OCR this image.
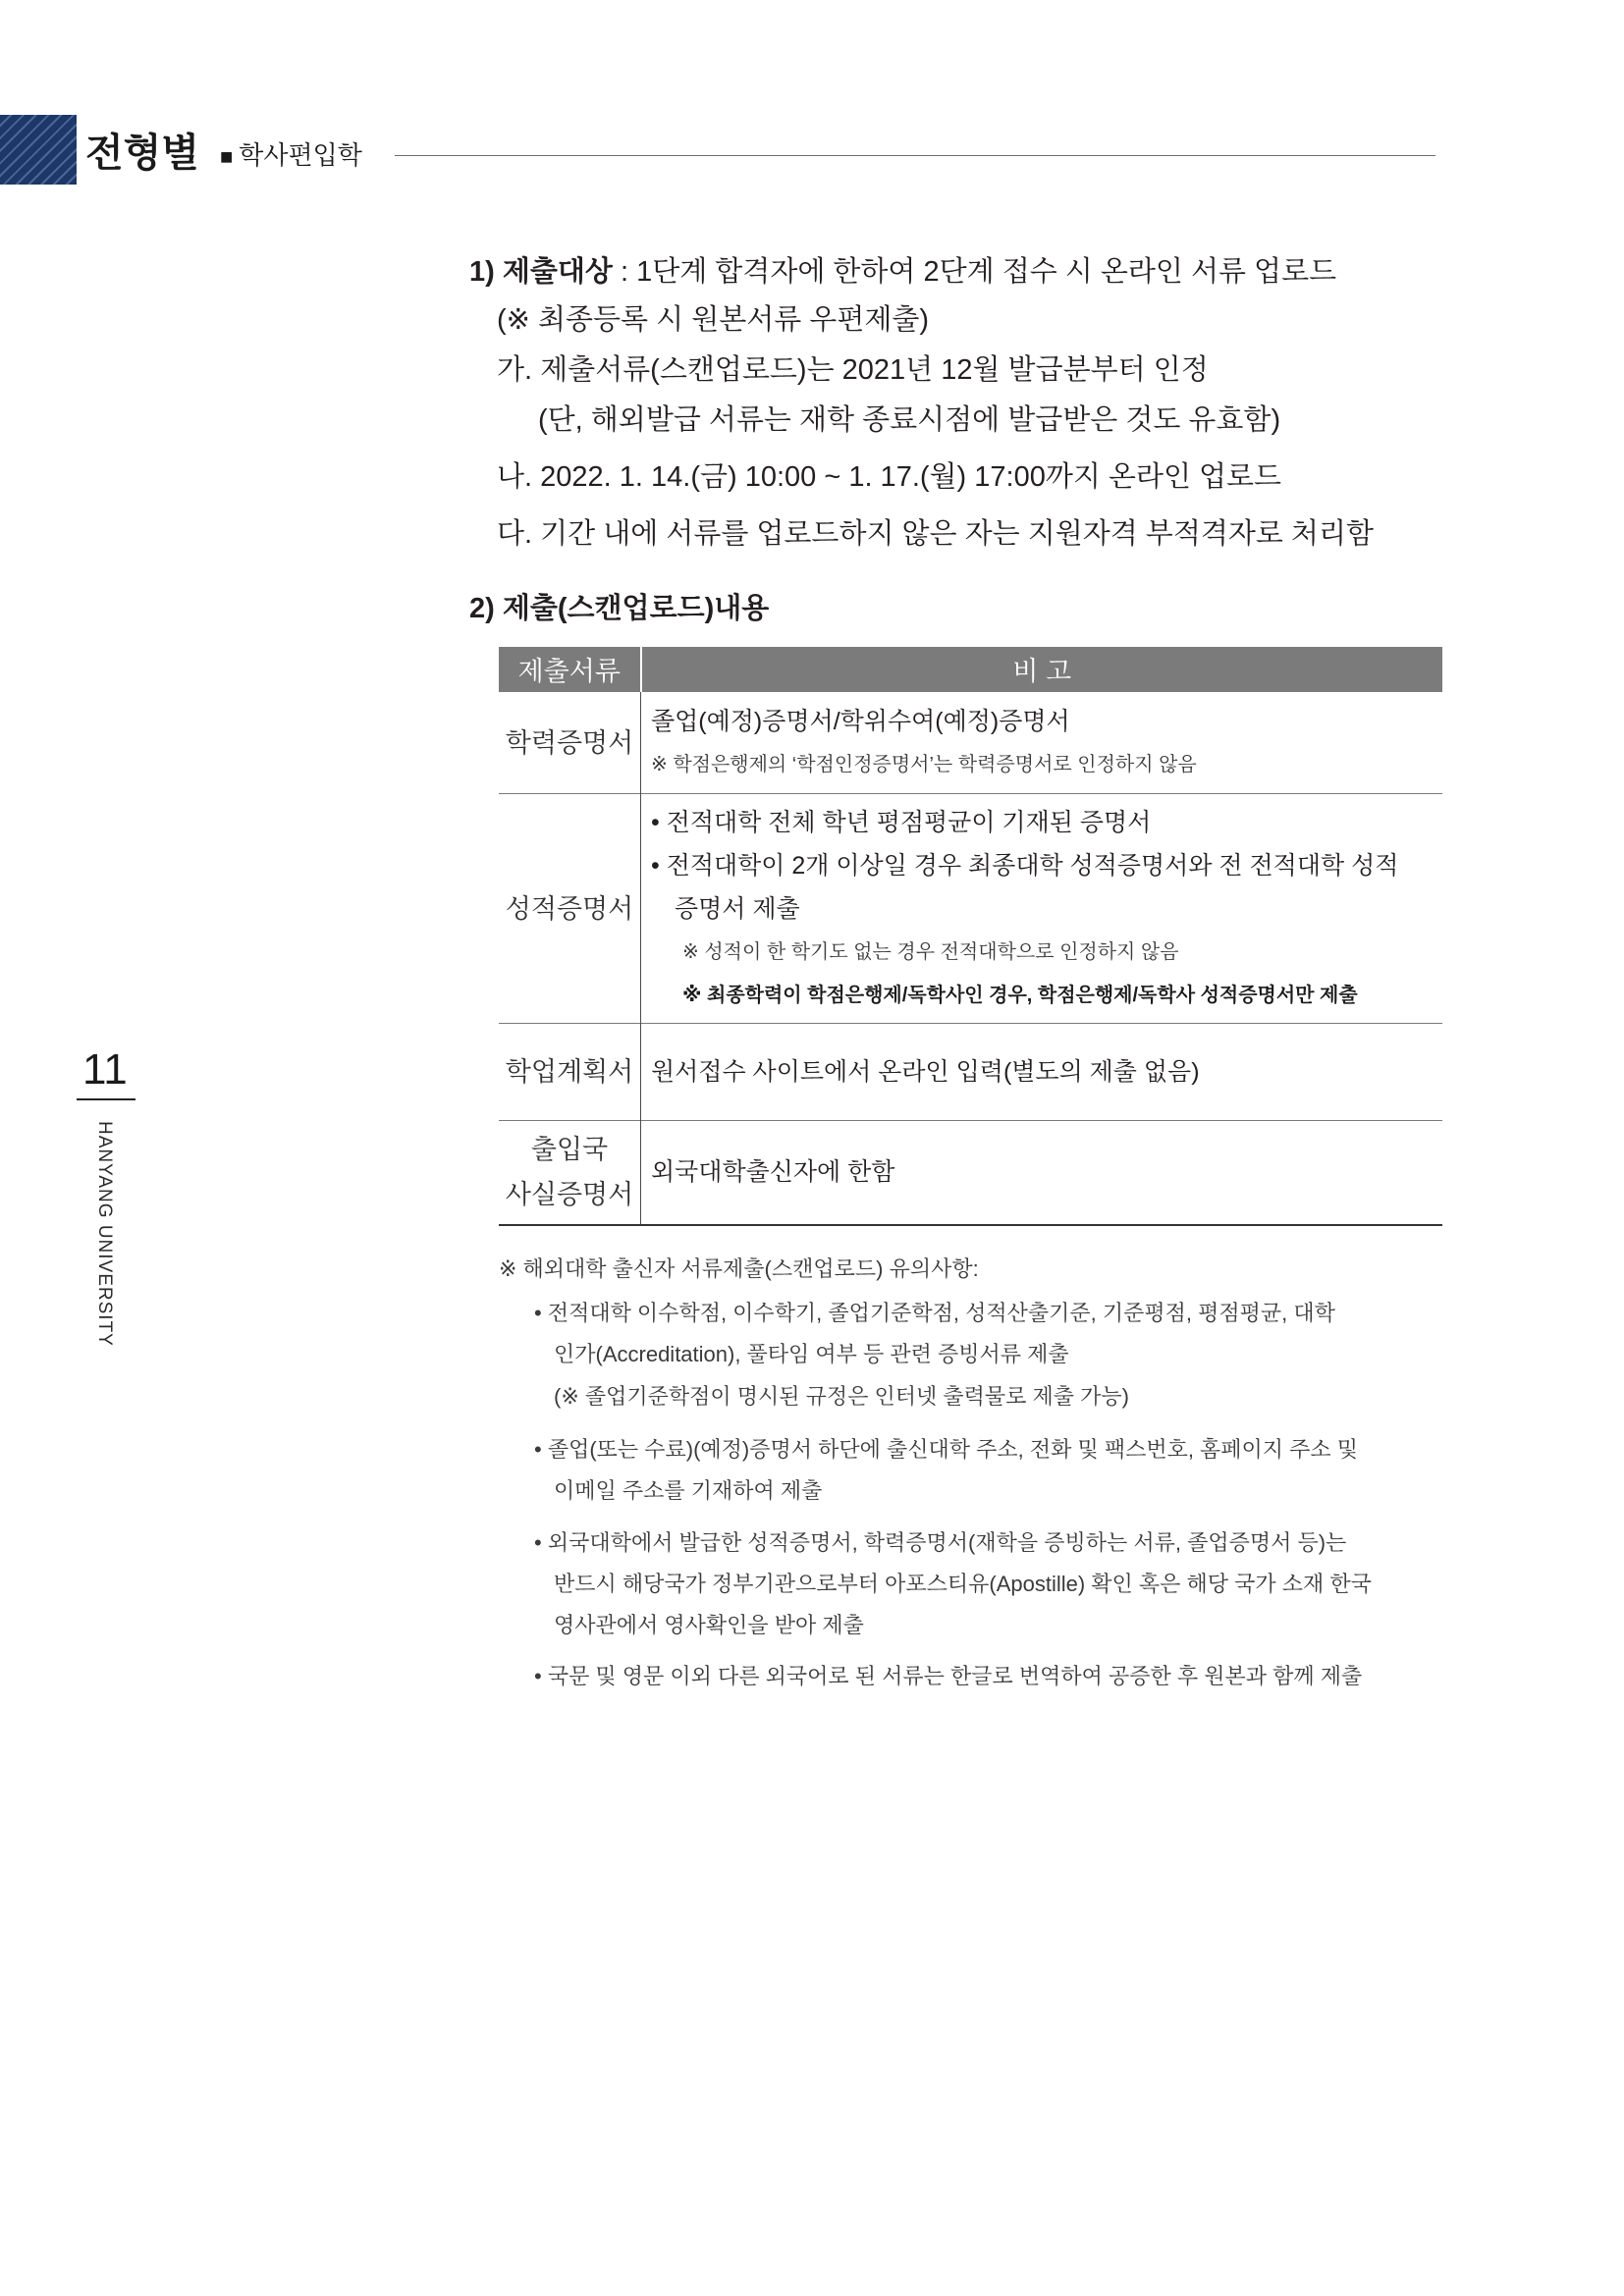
전형별 ■ 학사편입학
11
HANYANG UNIVERSITY
1) 제출대상 : 1단계 합격자에 한하여 2단계 접수 시 온라인 서류 업로드
(※ 최종등록 시 원본서류 우편제출)
가. 제출서류(스캔업로드)는 2021년 12월 발급분부터 인정
(단, 해외발급 서류는 재학 종료시점에 발급받은 것도 유효함)
나. 2022. 1. 14.(금) 10:00 ~ 1. 17.(월) 17:00까지 온라인 업로드
다. 기간 내에 서류를 업로드하지 않은 자는 지원자격 부적격자로 처리함
2) 제출(스캔업로드)내용
제출서류	비 고
학력증명서	졸업(예정)증명서/학위수여(예정)증명서
※ 학점은행제의 ‘학점인정증명서’는 학력증명서로 인정하지 않음

성적증명서	• 전적대학 전체 학년 평점평균이 기재된 증명서
• 전적대학이 2개 이상일 경우 최종대학 성적증명서와 전 전적대학 성적
증명서 제출
※ 성적이 한 학기도 없는 경우 전적대학으로 인정하지 않음
※ 최종학력이 학점은행제/독학사인 경우, 학점은행제/독학사 성적증명서만 제출

학업계획서	원서접수 사이트에서 온라인 입력(별도의 제출 없음)

출입국
사실증명서	외국대학출신자에 한함
※ 해외대학 출신자 서류제출(스캔업로드) 유의사항:
• 전적대학 이수학점, 이수학기, 졸업기준학점, 성적산출기준, 기준평점, 평점평균, 대학
인가(Accreditation), 풀타임 여부 등 관련 증빙서류 제출
(※ 졸업기준학점이 명시된 규정은 인터넷 출력물로 제출 가능)
• 졸업(또는 수료)(예정)증명서 하단에 출신대학 주소, 전화 및 팩스번호, 홈페이지 주소 및
이메일 주소를 기재하여 제출
• 외국대학에서 발급한 성적증명서, 학력증명서(재학을 증빙하는 서류, 졸업증명서 등)는
반드시 해당국가 정부기관으로부터 아포스티유(Apostille) 확인 혹은 해당 국가 소재 한국
영사관에서 영사확인을 받아 제출
• 국문 및 영문 이외 다른 외국어로 된 서류는 한글로 번역하여 공증한 후 원본과 함께 제출
